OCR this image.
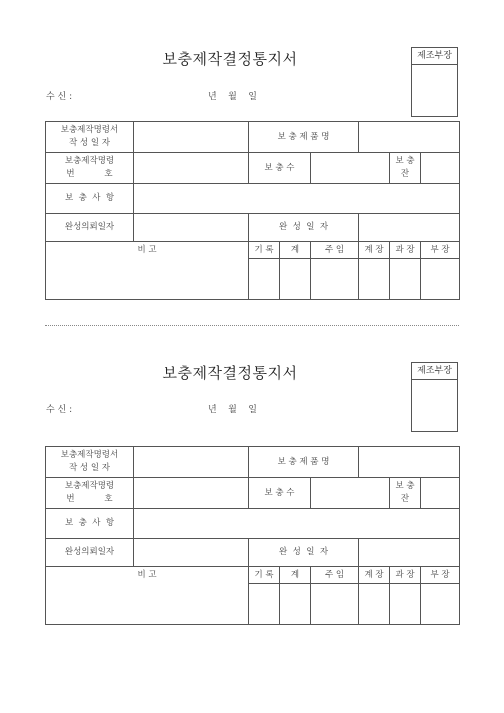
보충제작결정통지서	제조부장
수 신 :	년    월    일
보충제작명령서
작 성 일 자		보 충 제 품 명					
보충제작명령
번           호		보 충 수				보 충 잔	
보  충  사  항							
완성의뢰일자		완  성  일  자					
비 고		기 록	계	주 임	계 장	과 장	부 장

보충제작결정통지서	제조부장
수 신 :	년    월    일
보충제작명령서
작 성 일 자		보 충 제 품 명					
보충제작명령
번           호		보 충 수				보 충 잔	
보  충  사  항							
완성의뢰일자		완  성  일  자					
비 고		기 록	계	주 임	계 장	과 장	부 장
